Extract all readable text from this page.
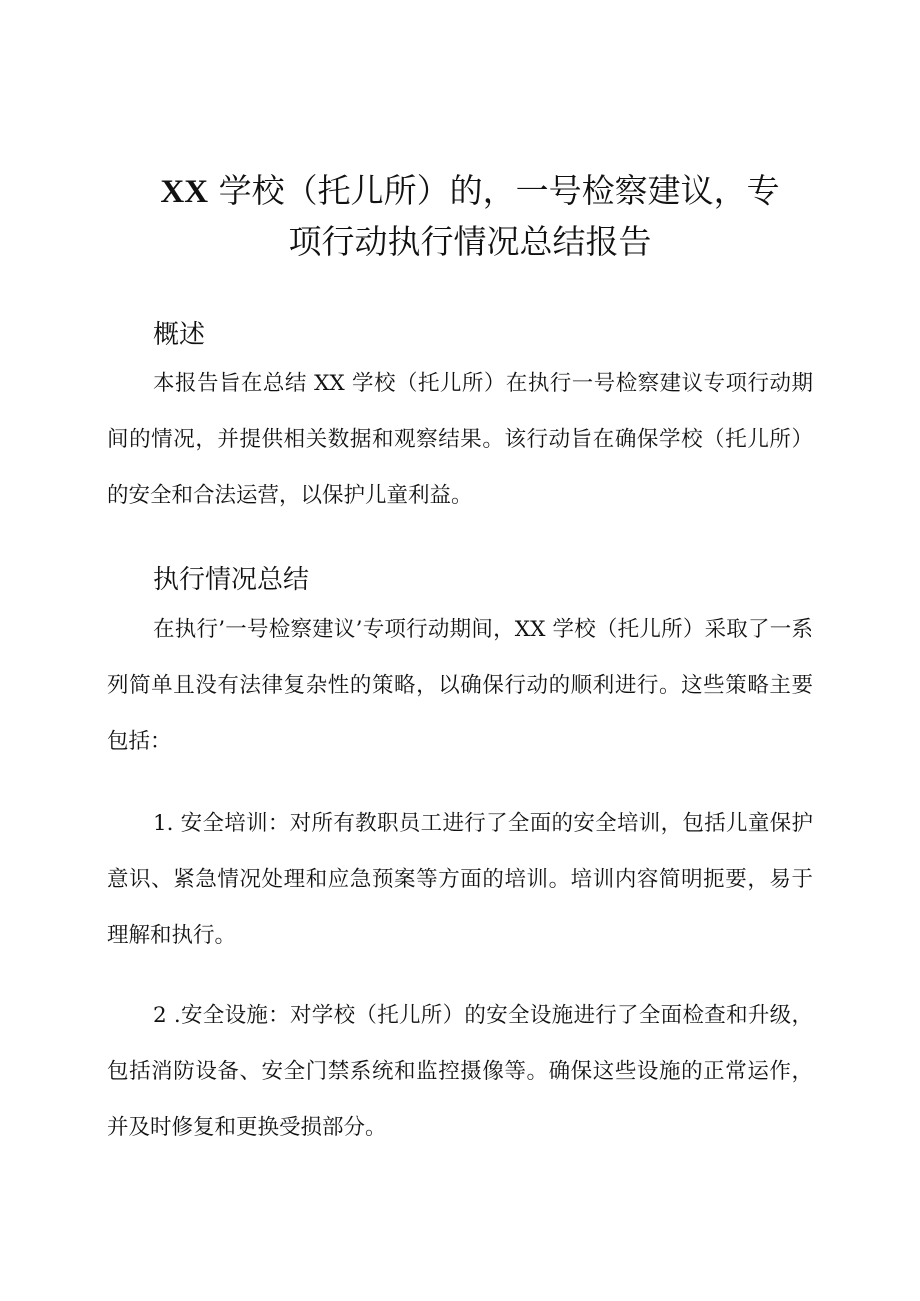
XX 学校（托儿所）的，一号检察建议，专
项行动执行情况总结报告
概述

本报告旨在总结 XX 学校（托儿所）在执行一号检察建议专项行动期间的情况，并提供相关数据和观察结果。该行动旨在确保学校（托儿所）的安全和合法运营，以保护儿童利益。

执行情况总结

在执行’一号检察建议’专项行动期间，XX 学校（托儿所）采取了一系列简单且没有法律复杂性的策略，以确保行动的顺利进行。这些策略主要包括：

1. 安全培训：对所有教职员工进行了全面的安全培训，包括儿童保护意识、紧急情况处理和应急预案等方面的培训。培训内容简明扼要，易于理解和执行。

2 .安全设施：对学校（托儿所）的安全设施进行了全面检查和升级，包括消防设备、安全门禁系统和监控摄像等。确保这些设施的正常运作，并及时修复和更换受损部分。
